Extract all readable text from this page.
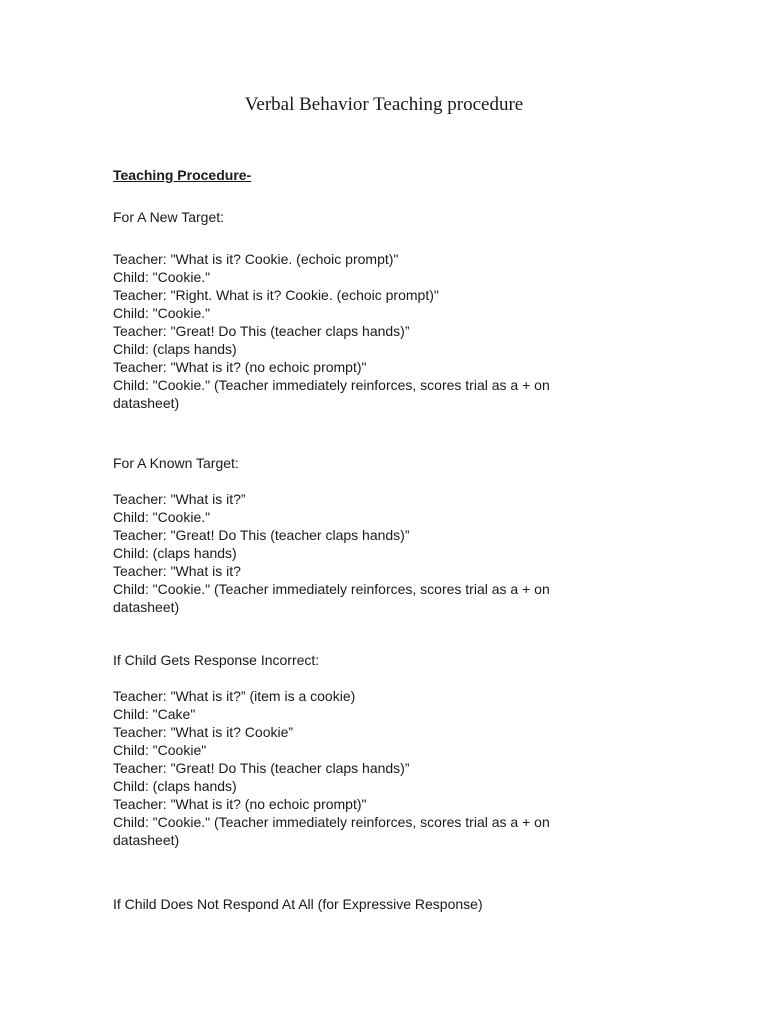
Verbal Behavior Teaching procedure

Teaching Procedure-

For A New Target:

Teacher: "What is it? Cookie. (echoic prompt)"
Child: "Cookie."
Teacher: "Right. What is it? Cookie. (echoic prompt)"
Child: "Cookie."
Teacher: "Great! Do This (teacher claps hands)”
Child: (claps hands)
Teacher: "What is it? (no echoic prompt)"
Child: "Cookie." (Teacher immediately reinforces, scores trial as a + on
datasheet)

For A Known Target:

Teacher: "What is it?”
Child: "Cookie."
Teacher: "Great! Do This (teacher claps hands)”
Child: (claps hands)
Teacher: "What is it?
Child: "Cookie." (Teacher immediately reinforces, scores trial as a + on
datasheet)

If Child Gets Response Incorrect:

Teacher: "What is it?” (item is a cookie)
Child: "Cake"
Teacher: "What is it? Cookie”
Child: "Cookie"
Teacher: "Great! Do This (teacher claps hands)”
Child: (claps hands)
Teacher: "What is it? (no echoic prompt)"
Child: "Cookie." (Teacher immediately reinforces, scores trial as a + on
datasheet)

If Child Does Not Respond At All (for Expressive Response)
